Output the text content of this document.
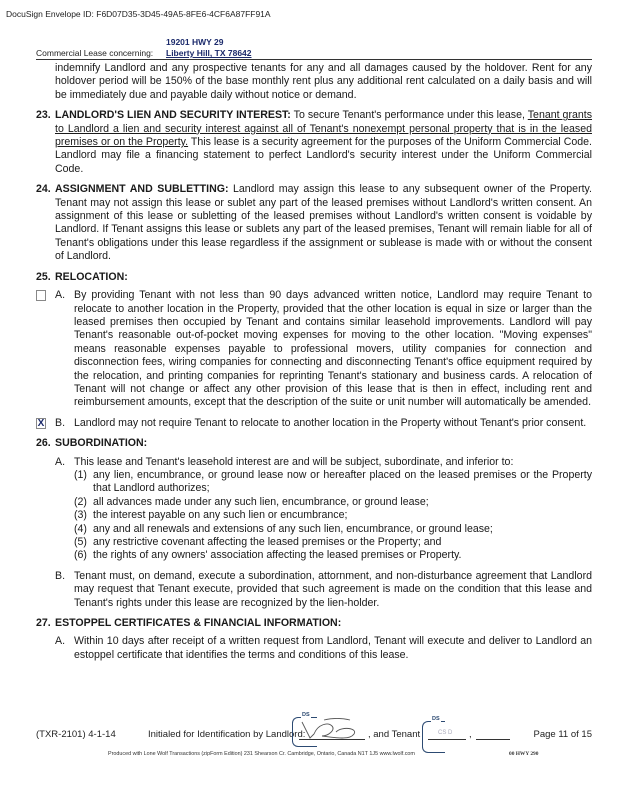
DocuSign Envelope ID: F6D07D35-3D45-49A5-8FE6-4CF6A87FF91A
19201 HWY 29
Commercial Lease concerning: Liberty Hill, TX 78642

indemnify Landlord and any prospective tenants for any and all damages caused by the holdover. Rent for any holdover period will be 150% of the base monthly rent plus any additional rent calculated on a daily basis and will be immediately due and payable daily without notice or demand.

23. LANDLORD'S LIEN AND SECURITY INTEREST: To secure Tenant's performance under this lease, Tenant grants to Landlord a lien and security interest against all of Tenant's nonexempt personal property that is in the leased premises or on the Property. This lease is a security agreement for the purposes of the Uniform Commercial Code. Landlord may file a financing statement to perfect Landlord's security interest under the Uniform Commercial Code.
24. ASSIGNMENT AND SUBLETTING: Landlord may assign this lease to any subsequent owner of the Property. Tenant may not assign this lease or sublet any part of the leased premises without Landlord's written consent. An assignment of this lease or subletting of the leased premises without Landlord's written consent is voidable by Landlord. If Tenant assigns this lease or sublets any part of the leased premises, Tenant will remain liable for all of Tenant's obligations under this lease regardless if the assignment or sublease is made with or without the consent of Landlord.
25. RELOCATION:
A. By providing Tenant with not less than 90 days advanced written notice, Landlord may require Tenant to relocate to another location in the Property, provided that the other location is equal in size or larger than the leased premises then occupied by Tenant and contains similar leasehold improvements. Landlord will pay Tenant's reasonable out-of-pocket moving expenses for moving to the other location. "Moving expenses" means reasonable expenses payable to professional movers, utility companies for connection and disconnection fees, wiring companies for connecting and disconnecting Tenant's office equipment required by the relocation, and printing companies for reprinting Tenant's stationary and business cards. A relocation of Tenant will not change or affect any other provision of this lease that is then in effect, including rent and reimbursement amounts, except that the description of the suite or unit number will automatically be amended.
X B. Landlord may not require Tenant to relocate to another location in the Property without Tenant's prior consent.
26. SUBORDINATION:
A. This lease and Tenant's leasehold interest are and will be subject, subordinate, and inferior to:
(1) any lien, encumbrance, or ground lease now or hereafter placed on the leased premises or the Property that Landlord authorizes;
(2) all advances made under any such lien, encumbrance, or ground lease;
(3) the interest payable on any such lien or encumbrance;
(4) any and all renewals and extensions of any such lien, encumbrance, or ground lease;
(5) any restrictive covenant affecting the leased premises or the Property; and
(6) the rights of any owners' association affecting the leased premises or Property.
B. Tenant must, on demand, execute a subordination, attornment, and non-disturbance agreement that Landlord may request that Tenant execute, provided that such agreement is made on the condition that this lease and Tenant's rights under this lease are recognized by the lien-holder.
27. ESTOPPEL CERTIFICATES & FINANCIAL INFORMATION:
A. Within 10 days after receipt of a written request from Landlord, Tenant will execute and deliver to Landlord an estoppel certificate that identifies the terms and conditions of this lease.
(TXR-2101) 4-1-14	Initialed for Identification by Landlord:
DS
, and Tenant
DS
CS D ,	Page 11 of 15
Produced with Lone Wolf Transactions (zipForm Edition) 231 Shearson Cr. Cambridge, Ontario, Canada N1T 1J5 www.lwolf.com	00 HWY 290
